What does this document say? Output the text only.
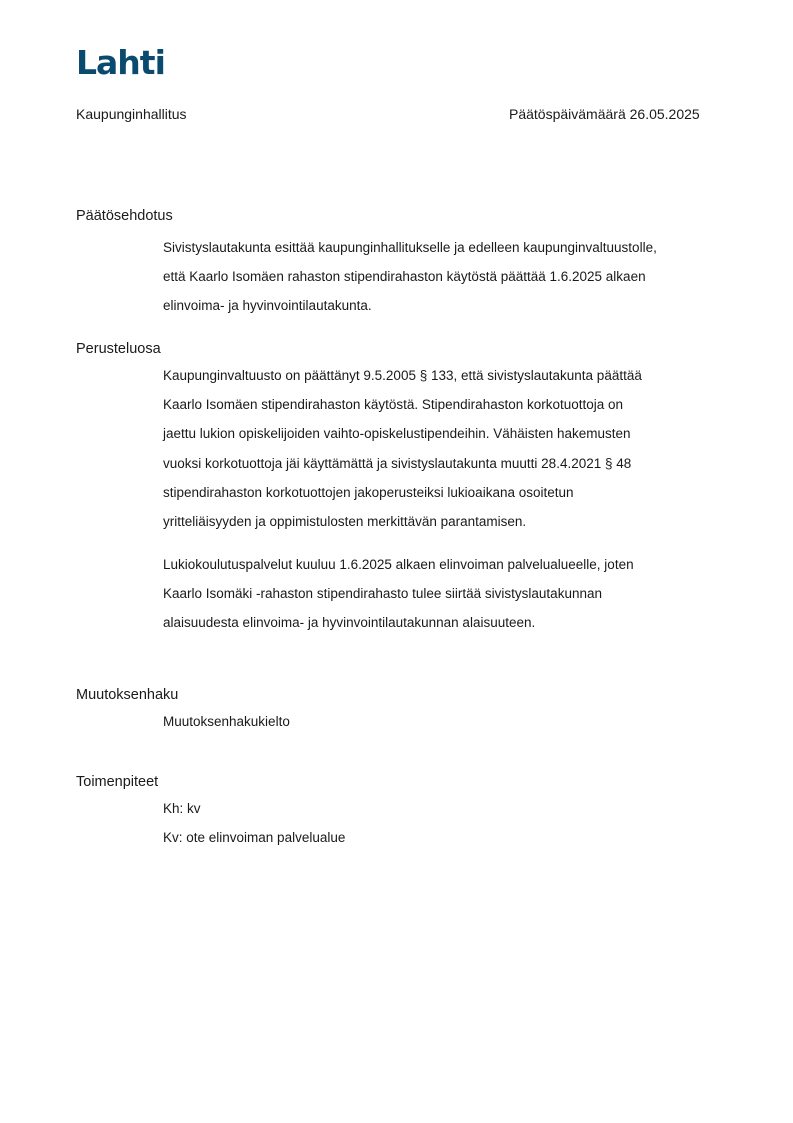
Lahti
Kaupunginhallitus	Päätöspäivämäärä 26.05.2025
Päätösehdotus
Sivistyslautakunta esittää kaupunginhallitukselle ja edelleen kaupunginvaltuustolle,
että Kaarlo Isomäen rahaston stipendirahaston käytöstä päättää 1.6.2025 alkaen
elinvoima- ja hyvinvointilautakunta.
Perusteluosa
Kaupunginvaltuusto on päättänyt 9.5.2005 § 133, että sivistyslautakunta päättää
Kaarlo Isomäen stipendirahaston käytöstä. Stipendirahaston korkotuottoja on
jaettu lukion opiskelijoiden vaihto-opiskelustipendeihin. Vähäisten hakemusten
vuoksi korkotuottoja jäi käyttämättä ja sivistyslautakunta muutti 28.4.2021 § 48
stipendirahaston korkotuottojen jakoperusteiksi lukioaikana osoitetun
yritteliäisyyden ja oppimistulosten merkittävän parantamisen.
Lukiokoulutuspalvelut kuuluu 1.6.2025 alkaen elinvoiman palvelualueelle, joten
Kaarlo Isomäki -rahaston stipendirahasto tulee siirtää sivistyslautakunnan
alaisuudesta elinvoima- ja hyvinvointilautakunnan alaisuuteen.
Muutoksenhaku
Muutoksenhakukielto
Toimenpiteet
Kh: kv
Kv: ote elinvoiman palvelualue
